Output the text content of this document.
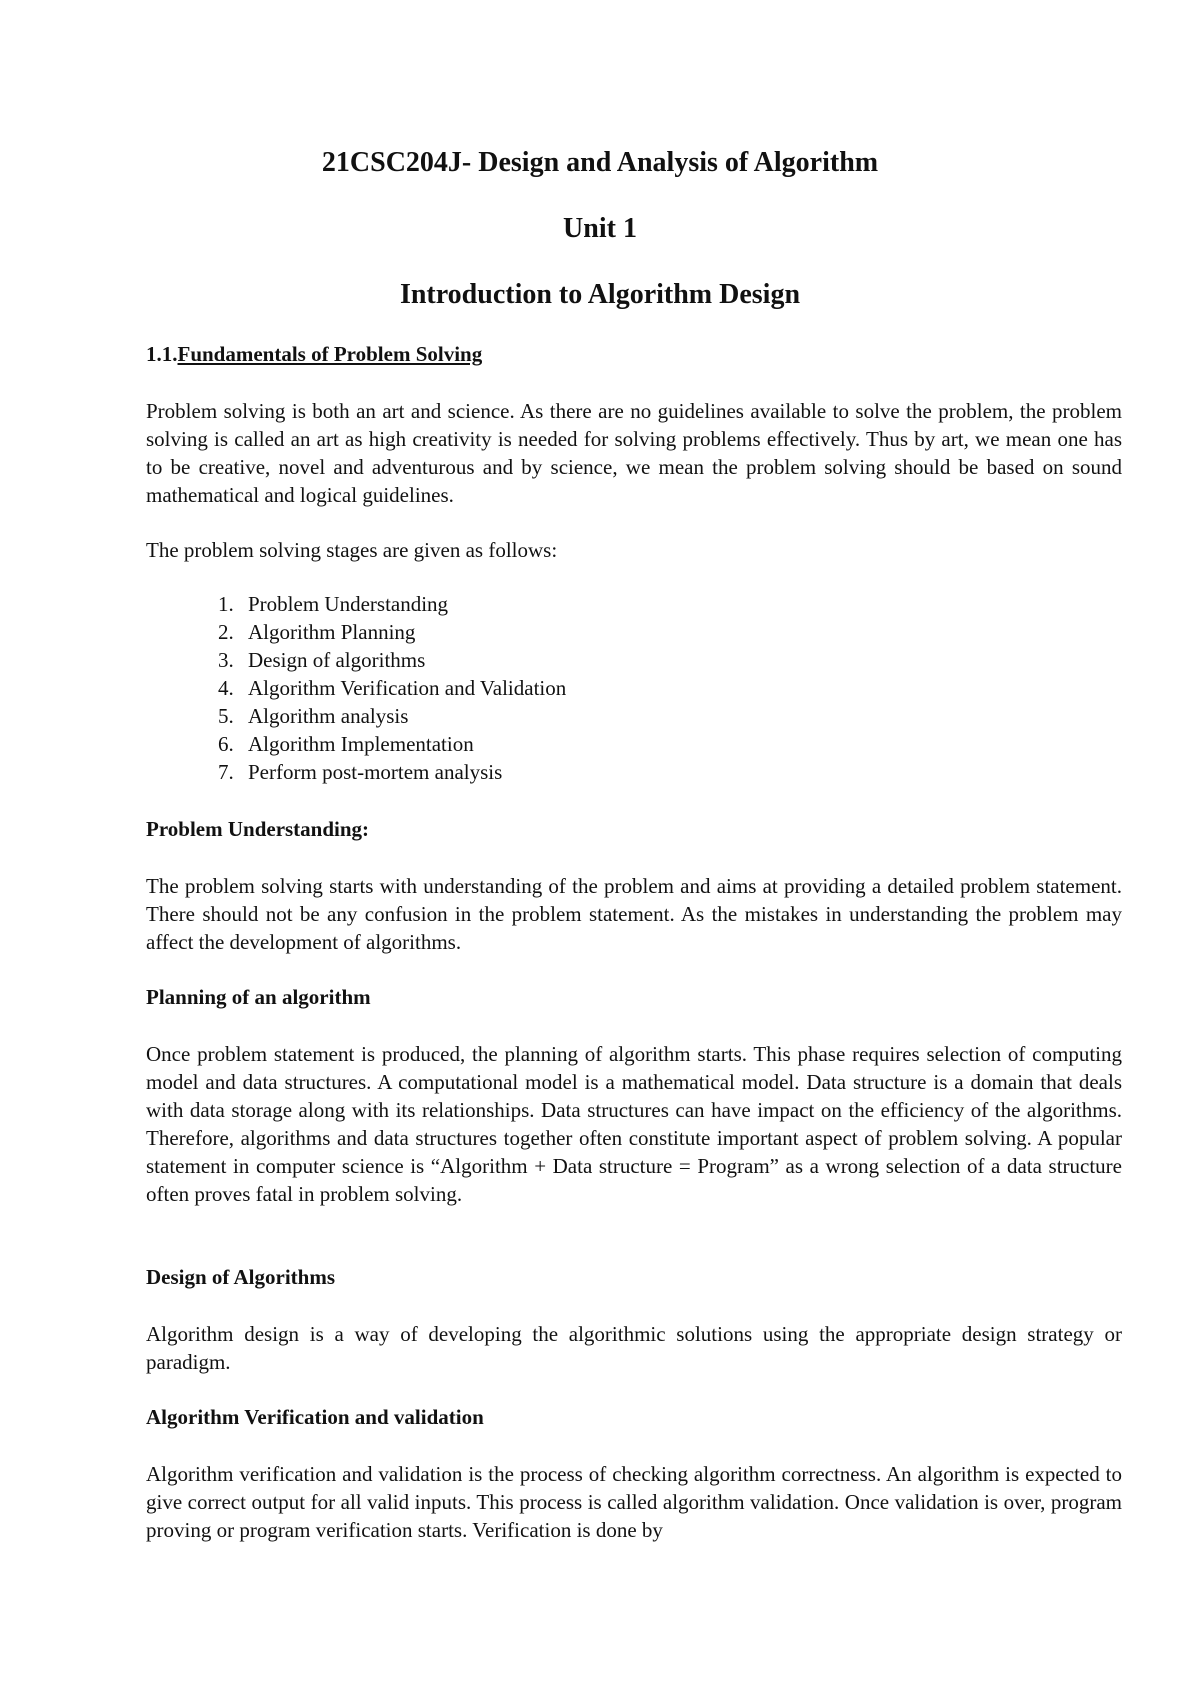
21CSC204J- Design and Analysis of Algorithm
Unit 1
Introduction to Algorithm Design
1.1.Fundamentals of Problem Solving
Problem solving is both an art and science. As there are no guidelines available to solve the problem, the problem solving is called an art as high creativity is needed for solving problems effectively. Thus by art, we mean one has to be creative, novel and adventurous and by science, we mean the problem solving should be based on sound mathematical and logical guidelines.
The problem solving stages are given as follows:
1. Problem Understanding
2. Algorithm Planning
3. Design of algorithms
4. Algorithm Verification and Validation
5. Algorithm analysis
6. Algorithm Implementation
7. Perform post-mortem analysis
Problem Understanding:
The problem solving starts with understanding of the problem and aims at providing a detailed problem statement. There should not be any confusion in the problem statement. As the mistakes in understanding the problem may affect the development of algorithms.
Planning of an algorithm
Once problem statement is produced, the planning of algorithm starts. This phase requires selection of computing model and data structures. A computational model is a mathematical model. Data structure is a domain that deals with data storage along with its relationships. Data structures can have impact on the efficiency of the algorithms. Therefore, algorithms and data structures together often constitute important aspect of problem solving. A popular statement in computer science is “Algorithm + Data structure = Program” as a wrong selection of a data structure often proves fatal in problem solving.
Design of Algorithms
Algorithm design is a way of developing the algorithmic solutions using the appropriate design strategy or paradigm.
Algorithm Verification and validation
Algorithm verification and validation is the process of checking algorithm correctness. An algorithm is expected to give correct output for all valid inputs. This process is called algorithm validation. Once validation is over, program proving or program verification starts. Verification is done by
